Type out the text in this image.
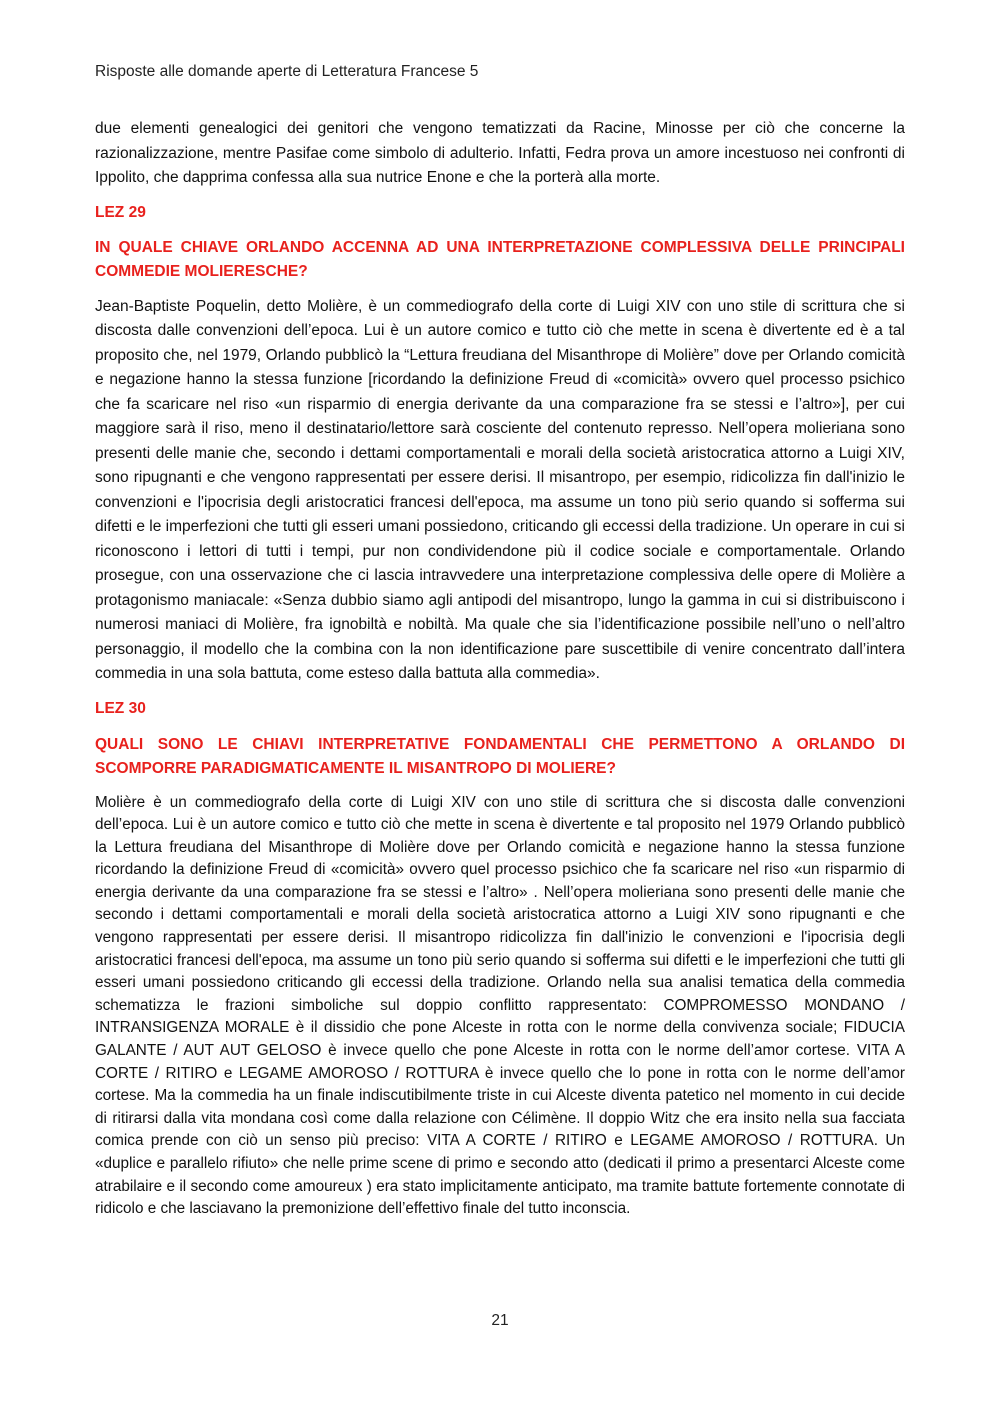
Risposte alle domande aperte di Letteratura Francese 5

due elementi genealogici dei genitori che vengono tematizzati da Racine, Minosse per ciò che concerne la razionalizzazione, mentre Pasifae come simbolo di adulterio. Infatti, Fedra prova un amore incestuoso nei confronti di Ippolito, che dapprima confessa alla sua nutrice Enone e che la porterà alla morte.

LEZ 29

IN QUALE CHIAVE ORLANDO ACCENNA AD UNA INTERPRETAZIONE COMPLESSIVA DELLE PRINCIPALI COMMEDIE MOLIERESCHE?

Jean-Baptiste Poquelin, detto Molière, è un commediografo della corte di Luigi XIV con uno stile di scrittura che si discosta dalle convenzioni dell’epoca. Lui è un autore comico e tutto ciò che mette in scena è divertente ed è a tal proposito che, nel 1979, Orlando pubblicò la “Lettura freudiana del Misanthrope di Molière” dove per Orlando comicità e negazione hanno la stessa funzione [ricordando la definizione Freud di «comicità» ovvero quel processo psichico che fa scaricare nel riso «un risparmio di energia derivante da una comparazione fra se stessi e l’altro»], per cui maggiore sarà il riso, meno il destinatario/lettore sarà cosciente del contenuto represso. Nell’opera molieriana sono presenti delle manie che, secondo i dettami comportamentali e morali della società aristocratica attorno a Luigi XIV, sono ripugnanti e che vengono rappresentati per essere derisi. Il misantropo, per esempio, ridicolizza fin dall'inizio le convenzioni e l'ipocrisia degli aristocratici francesi dell'epoca, ma assume un tono più serio quando si sofferma sui difetti e le imperfezioni che tutti gli esseri umani possiedono, criticando gli eccessi della tradizione. Un operare in cui si riconoscono i lettori di tutti i tempi, pur non condividendone più il codice sociale e comportamentale. Orlando prosegue, con una osservazione che ci lascia intravvedere una interpretazione complessiva delle opere di Molière a protagonismo maniacale: «Senza dubbio siamo agli antipodi del misantropo, lungo la gamma in cui si distribuiscono i numerosi maniaci di Molière, fra ignobiltà e nobiltà. Ma quale che sia l’identificazione possibile nell’uno o nell’altro personaggio, il modello che la combina con la non identificazione pare suscettibile di venire concentrato dall’intera commedia in una sola battuta, come esteso dalla battuta alla commedia».

LEZ 30

QUALI SONO LE CHIAVI INTERPRETATIVE FONDAMENTALI CHE PERMETTONO A ORLANDO DI SCOMPORRE PARADIGMATICAMENTE IL MISANTROPO DI MOLIERE?

Molière è un commediografo della corte di Luigi XIV con uno stile di scrittura che si discosta dalle convenzioni dell’epoca. Lui è un autore comico e tutto ciò che mette in scena è divertente e tal proposito nel 1979 Orlando pubblicò la Lettura freudiana del Misanthrope di Molière dove per Orlando comicità e negazione hanno la stessa funzione ricordando la definizione Freud di «comicità» ovvero quel processo psichico che fa scaricare nel riso «un risparmio di energia derivante da una comparazione fra se stessi e l’altro» . Nell’opera molieriana sono presenti delle manie che secondo i dettami comportamentali e morali della società aristocratica attorno a Luigi XIV sono ripugnanti e che vengono rappresentati per essere derisi. Il misantropo ridicolizza fin dall'inizio le convenzioni e l'ipocrisia degli aristocratici francesi dell'epoca, ma assume un tono più serio quando si sofferma sui difetti e le imperfezioni che tutti gli esseri umani possiedono criticando gli eccessi della tradizione. Orlando nella sua analisi tematica della commedia schematizza le frazioni simboliche sul doppio conflitto rappresentato: COMPROMESSO MONDANO / INTRANSIGENZA MORALE è il dissidio che pone Alceste in rotta con le norme della convivenza sociale; FIDUCIA GALANTE / AUT AUT GELOSO è invece quello che pone Alceste in rotta con le norme dell’amor cortese. VITA A CORTE / RITIRO e LEGAME AMOROSO / ROTTURA è invece quello che lo pone in rotta con le norme dell’amor cortese. Ma la commedia ha un finale indiscutibilmente triste in cui Alceste diventa patetico nel momento in cui decide di ritirarsi dalla vita mondana così come dalla relazione con Célimène. Il doppio Witz che era insito nella sua facciata comica prende con ciò un senso più preciso: VITA A CORTE / RITIRO e LEGAME AMOROSO / ROTTURA. Un «duplice e parallelo rifiuto» che nelle prime scene di primo e secondo atto (dedicati il primo a presentarci Alceste come atrabilaire e il secondo come amoureux ) era stato implicitamente anticipato, ma tramite battute fortemente connotate di ridicolo e che lasciavano la premonizione dell’effettivo finale del tutto inconscia.

21
